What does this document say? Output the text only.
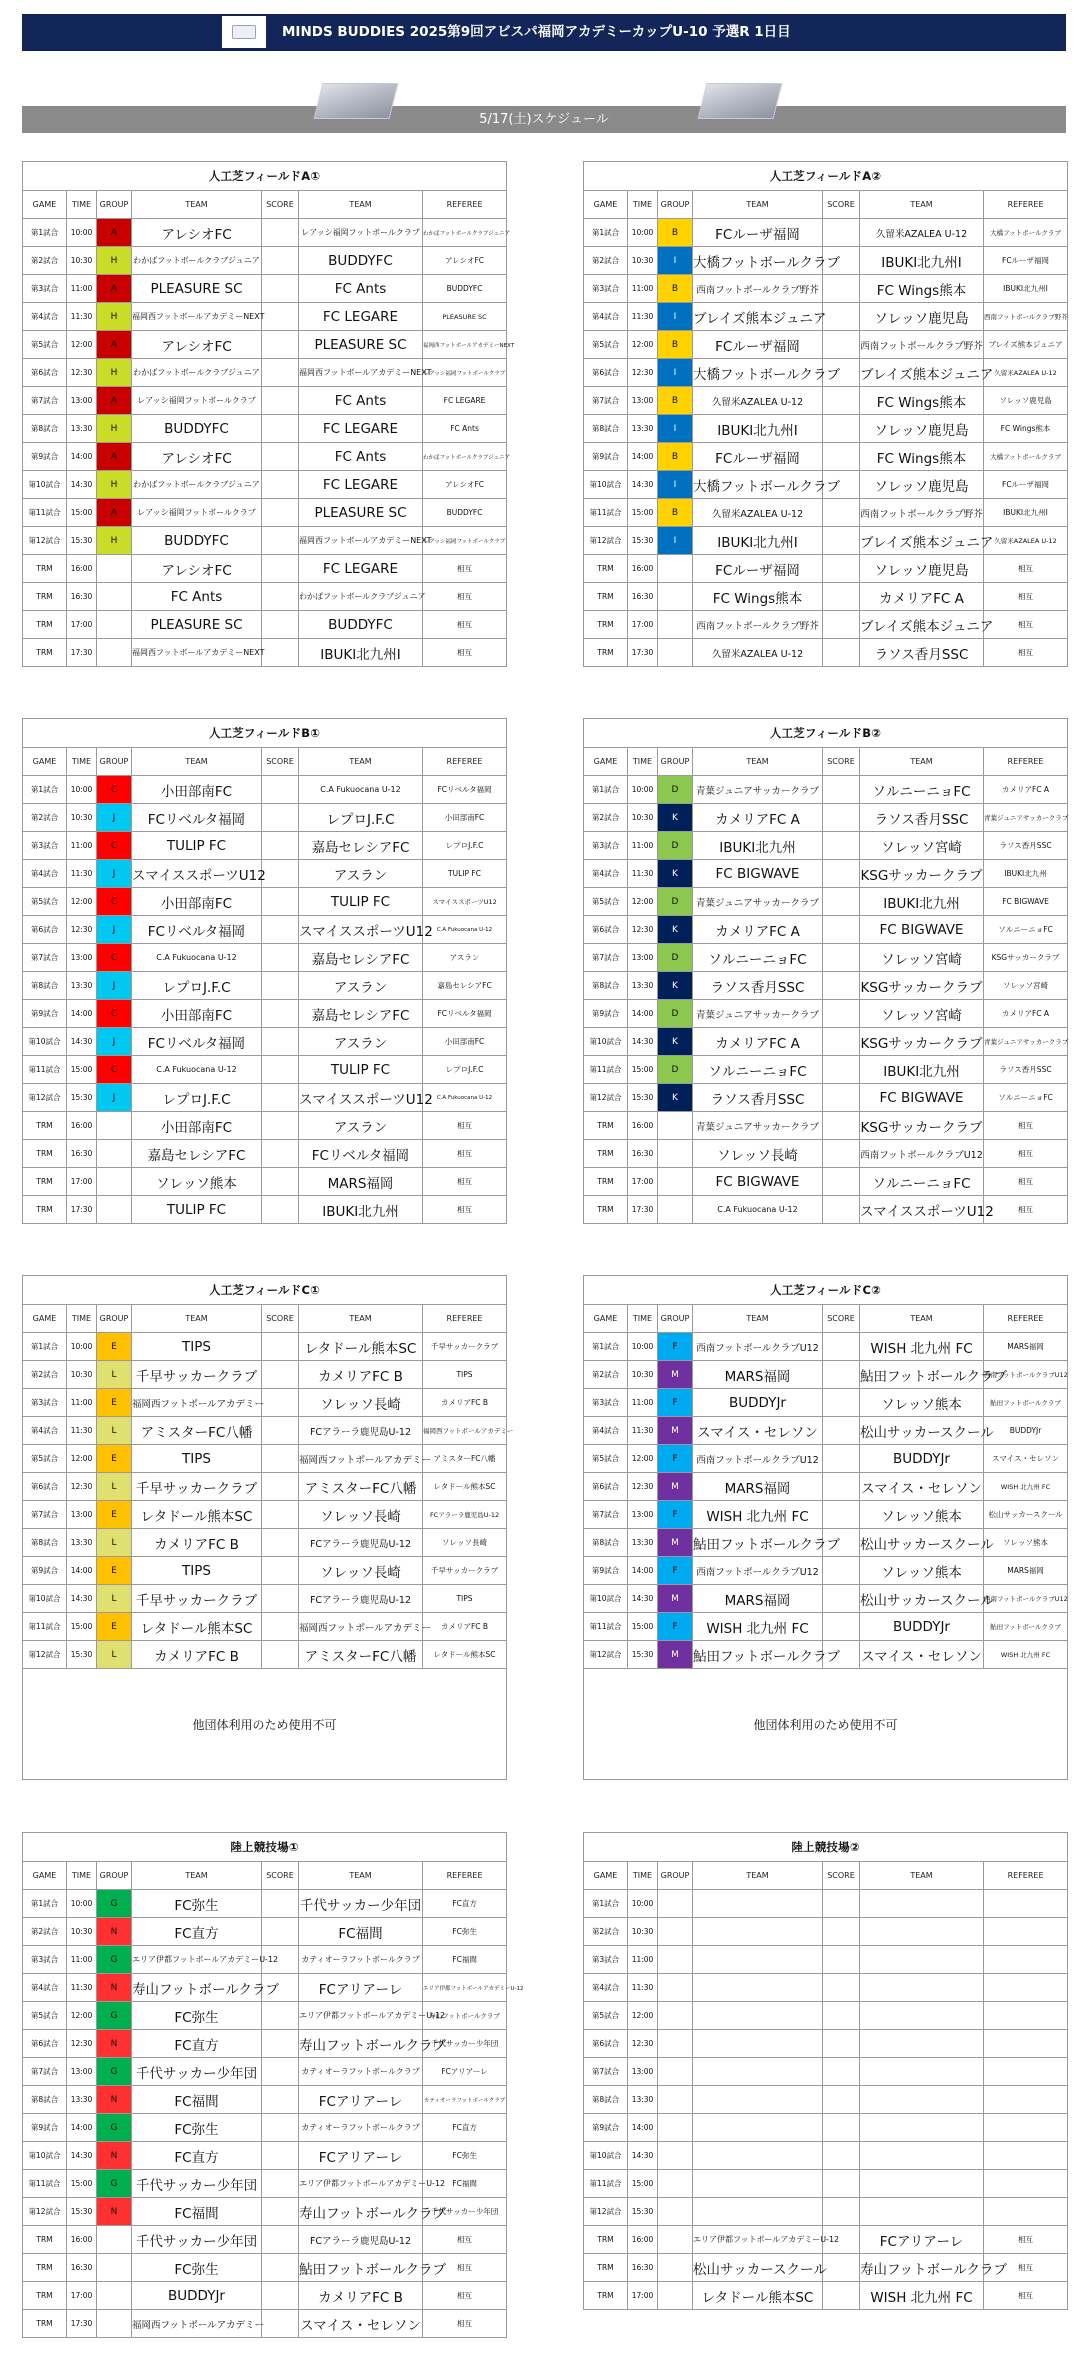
MINDS BUDDIES 2025第9回アビスパ福岡アカデミーカップU-10 予選R 1日目
5/17(土)スケジュール
人工芝フィールドA①						
GAME	TIME	GROUP	TEAM	SCORE	TEAM	REFEREE
第1試合	10:00	A	アレシオFC		レアッシ福岡フットボールクラブ	わかばフットボールクラブジュニア
第2試合	10:30	H	わかばフットボールクラブジュニア		BUDDYFC	アレシオFC
第3試合	11:00	A	PLEASURE SC		FC Ants	BUDDYFC
第4試合	11:30	H	福岡西フットボールアカデミーNEXT		FC LEGARE	PLEASURE SC
第5試合	12:00	A	アレシオFC		PLEASURE SC	福岡西フットボールアカデミーNEXT
第6試合	12:30	H	わかばフットボールクラブジュニア		福岡西フットボールアカデミーNEXT	レアッシ福岡フットボールクラブ
第7試合	13:00	A	レアッシ福岡フットボールクラブ		FC Ants	FC LEGARE
第8試合	13:30	H	BUDDYFC		FC LEGARE	FC Ants
第9試合	14:00	A	アレシオFC		FC Ants	わかばフットボールクラブジュニア
第10試合	14:30	H	わかばフットボールクラブジュニア		FC LEGARE	アレシオFC
第11試合	15:00	A	レアッシ福岡フットボールクラブ		PLEASURE SC	BUDDYFC
第12試合	15:30	H	BUDDYFC		福岡西フットボールアカデミーNEXT	レアッシ福岡フットボールクラブ
TRM	16:00		アレシオFC		FC LEGARE	相互
TRM	16:30		FC Ants		わかばフットボールクラブジュニア	相互
TRM	17:00		PLEASURE SC		BUDDYFC	相互
TRM	17:30		福岡西フットボールアカデミーNEXT		IBUKI北九州Ⅰ	相互
人工芝フィールドA②						
GAME	TIME	GROUP	TEAM	SCORE	TEAM	REFEREE
第1試合	10:00	B	FCルーザ福岡		久留米AZALEA U-12	大橋フットボールクラブ
第2試合	10:30	I	大橋フットボールクラブ		IBUKI北九州Ⅰ	FCルーザ福岡
第3試合	11:00	B	西南フットボールクラブ野芥		FC Wings熊本	IBUKI北九州Ⅰ
第4試合	11:30	I	ブレイズ熊本ジュニア		ソレッソ鹿児島	西南フットボールクラブ野芥
第5試合	12:00	B	FCルーザ福岡		西南フットボールクラブ野芥	ブレイズ熊本ジュニア
第6試合	12:30	I	大橋フットボールクラブ		ブレイズ熊本ジュニア	久留米AZALEA U-12
第7試合	13:00	B	久留米AZALEA U-12		FC Wings熊本	ソレッソ鹿児島
第8試合	13:30	I	IBUKI北九州Ⅰ		ソレッソ鹿児島	FC Wings熊本
第9試合	14:00	B	FCルーザ福岡		FC Wings熊本	大橋フットボールクラブ
第10試合	14:30	I	大橋フットボールクラブ		ソレッソ鹿児島	FCルーザ福岡
第11試合	15:00	B	久留米AZALEA U-12		西南フットボールクラブ野芥	IBUKI北九州Ⅰ
第12試合	15:30	I	IBUKI北九州Ⅰ		ブレイズ熊本ジュニア	久留米AZALEA U-12
TRM	16:00		FCルーザ福岡		ソレッソ鹿児島	相互
TRM	16:30		FC Wings熊本		カメリアFC A	相互
TRM	17:00		西南フットボールクラブ野芥		ブレイズ熊本ジュニア	相互
TRM	17:30		久留米AZALEA U-12		ラソス香月SSC	相互
人工芝フィールドB①						
GAME	TIME	GROUP	TEAM	SCORE	TEAM	REFEREE
第1試合	10:00	C	小田部南FC		C.A Fukuocana U-12	FCリベルタ福岡
第2試合	10:30	J	FCリベルタ福岡		レプロJ.F.C	小田部南FC
第3試合	11:00	C	TULIP FC		嘉島セレシアFC	レプロJ.F.C
第4試合	11:30	J	スマイススポーツU12		アスラン	TULIP FC
第5試合	12:00	C	小田部南FC		TULIP FC	スマイススポーツU12
第6試合	12:30	J	FCリベルタ福岡		スマイススポーツU12	C.A Fukuocana U-12
第7試合	13:00	C	C.A Fukuocana U-12		嘉島セレシアFC	アスラン
第8試合	13:30	J	レプロJ.F.C		アスラン	嘉島セレシアFC
第9試合	14:00	C	小田部南FC		嘉島セレシアFC	FCリベルタ福岡
第10試合	14:30	J	FCリベルタ福岡		アスラン	小田部南FC
第11試合	15:00	C	C.A Fukuocana U-12		TULIP FC	レプロJ.F.C
第12試合	15:30	J	レプロJ.F.C		スマイススポーツU12	C.A Fukuocana U-12
TRM	16:00		小田部南FC		アスラン	相互
TRM	16:30		嘉島セレシアFC		FCリベルタ福岡	相互
TRM	17:00		ソレッソ熊本		MARS福岡	相互
TRM	17:30		TULIP FC		IBUKI北九州	相互
人工芝フィールドB②						
GAME	TIME	GROUP	TEAM	SCORE	TEAM	REFEREE
第1試合	10:00	D	青葉ジュニアサッカークラブ		ソルニーニョFC	カメリアFC A
第2試合	10:30	K	カメリアFC A		ラソス香月SSC	青葉ジュニアサッカークラブ
第3試合	11:00	D	IBUKI北九州		ソレッソ宮崎	ラソス香月SSC
第4試合	11:30	K	FC BIGWAVE		KSGサッカークラブ	IBUKI北九州
第5試合	12:00	D	青葉ジュニアサッカークラブ		IBUKI北九州	FC BIGWAVE
第6試合	12:30	K	カメリアFC A		FC BIGWAVE	ソルニーニョFC
第7試合	13:00	D	ソルニーニョFC		ソレッソ宮崎	KSGサッカークラブ
第8試合	13:30	K	ラソス香月SSC		KSGサッカークラブ	ソレッソ宮崎
第9試合	14:00	D	青葉ジュニアサッカークラブ		ソレッソ宮崎	カメリアFC A
第10試合	14:30	K	カメリアFC A		KSGサッカークラブ	青葉ジュニアサッカークラブ
第11試合	15:00	D	ソルニーニョFC		IBUKI北九州	ラソス香月SSC
第12試合	15:30	K	ラソス香月SSC		FC BIGWAVE	ソルニーニョFC
TRM	16:00		青葉ジュニアサッカークラブ		KSGサッカークラブ	相互
TRM	16:30		ソレッソ長崎		西南フットボールクラブU12	相互
TRM	17:00		FC BIGWAVE		ソルニーニョFC	相互
TRM	17:30		C.A Fukuocana U-12		スマイススポーツU12	相互
人工芝フィールドC①						
GAME	TIME	GROUP	TEAM	SCORE	TEAM	REFEREE
第1試合	10:00	E	TIPS		レタドール熊本SC	千早サッカークラブ
第2試合	10:30	L	千早サッカークラブ		カメリアFC B	TIPS
第3試合	11:00	E	福岡西フットボールアカデミー		ソレッソ長崎	カメリアFC B
第4試合	11:30	L	アミスターFC八幡		FCアラーラ鹿児島U-12	福岡西フットボールアカデミー
第5試合	12:00	E	TIPS		福岡西フットボールアカデミー	アミスターFC八幡
第6試合	12:30	L	千早サッカークラブ		アミスターFC八幡	レタドール熊本SC
第7試合	13:00	E	レタドール熊本SC		ソレッソ長崎	FCアラーラ鹿児島U-12
第8試合	13:30	L	カメリアFC B		FCアラーラ鹿児島U-12	ソレッソ長崎
第9試合	14:00	E	TIPS		ソレッソ長崎	千早サッカークラブ
第10試合	14:30	L	千早サッカークラブ		FCアラーラ鹿児島U-12	TIPS
第11試合	15:00	E	レタドール熊本SC		福岡西フットボールアカデミー	カメリアFC B
第12試合	15:30	L	カメリアFC B		アミスターFC八幡	レタドール熊本SC
他団体利用のため使用不可						
人工芝フィールドC②						
GAME	TIME	GROUP	TEAM	SCORE	TEAM	REFEREE
第1試合	10:00	F	西南フットボールクラブU12		WISH 北九州 FC	MARS福岡
第2試合	10:30	M	MARS福岡		鮎田フットボールクラブ	西南フットボールクラブU12
第3試合	11:00	F	BUDDYJr		ソレッソ熊本	鮎田フットボールクラブ
第4試合	11:30	M	スマイス・セレソン		松山サッカースクール	BUDDYJr
第5試合	12:00	F	西南フットボールクラブU12		BUDDYJr	スマイス・セレソン
第6試合	12:30	M	MARS福岡		スマイス・セレソン	WISH 北九州 FC
第7試合	13:00	F	WISH 北九州 FC		ソレッソ熊本	松山サッカースクール
第8試合	13:30	M	鮎田フットボールクラブ		松山サッカースクール	ソレッソ熊本
第9試合	14:00	F	西南フットボールクラブU12		ソレッソ熊本	MARS福岡
第10試合	14:30	M	MARS福岡		松山サッカースクール	西南フットボールクラブU12
第11試合	15:00	F	WISH 北九州 FC		BUDDYJr	鮎田フットボールクラブ
第12試合	15:30	M	鮎田フットボールクラブ		スマイス・セレソン	WISH 北九州 FC
他団体利用のため使用不可						
陸上競技場①						
GAME	TIME	GROUP	TEAM	SCORE	TEAM	REFEREE
第1試合	10:00	G	FC弥生		千代サッカー少年団	FC直方
第2試合	10:30	N	FC直方		FC福間	FC弥生
第3試合	11:00	G	エリア伊都フットボールアカデミーU-12		カティオーラフットボールクラブ	FC福間
第4試合	11:30	N	寿山フットボールクラブ		FCアリアーレ	エリア伊都フットボールアカデミーU-12
第5試合	12:00	G	FC弥生		エリア伊都フットボールアカデミーU-12	寿山フットボールクラブ
第6試合	12:30	N	FC直方		寿山フットボールクラブ	千代サッカー少年団
第7試合	13:00	G	千代サッカー少年団		カティオーラフットボールクラブ	FCアリアーレ
第8試合	13:30	N	FC福間		FCアリアーレ	カティオーラフットボールクラブ
第9試合	14:00	G	FC弥生		カティオーラフットボールクラブ	FC直方
第10試合	14:30	N	FC直方		FCアリアーレ	FC弥生
第11試合	15:00	G	千代サッカー少年団		エリア伊都フットボールアカデミーU-12	FC福間
第12試合	15:30	N	FC福間		寿山フットボールクラブ	千代サッカー少年団
TRM	16:00		千代サッカー少年団		FCアラーラ鹿児島U-12	相互
TRM	16:30		FC弥生		鮎田フットボールクラブ	相互
TRM	17:00		BUDDYJr		カメリアFC B	相互
TRM	17:30		福岡西フットボールアカデミー		スマイス・セレソン	相互
陸上競技場②						
GAME	TIME	GROUP	TEAM	SCORE	TEAM	REFEREE
第1試合	10:00					
第2試合	10:30					
第3試合	11:00					
第4試合	11:30					
第5試合	12:00					
第6試合	12:30					
第7試合	13:00					
第8試合	13:30					
第9試合	14:00					
第10試合	14:30					
第11試合	15:00					
第12試合	15:30					
TRM	16:00		エリア伊都フットボールアカデミーU-12		FCアリアーレ	相互
TRM	16:30		松山サッカースクール		寿山フットボールクラブ	相互
TRM	17:00		レタドール熊本SC		WISH 北九州 FC	相互
